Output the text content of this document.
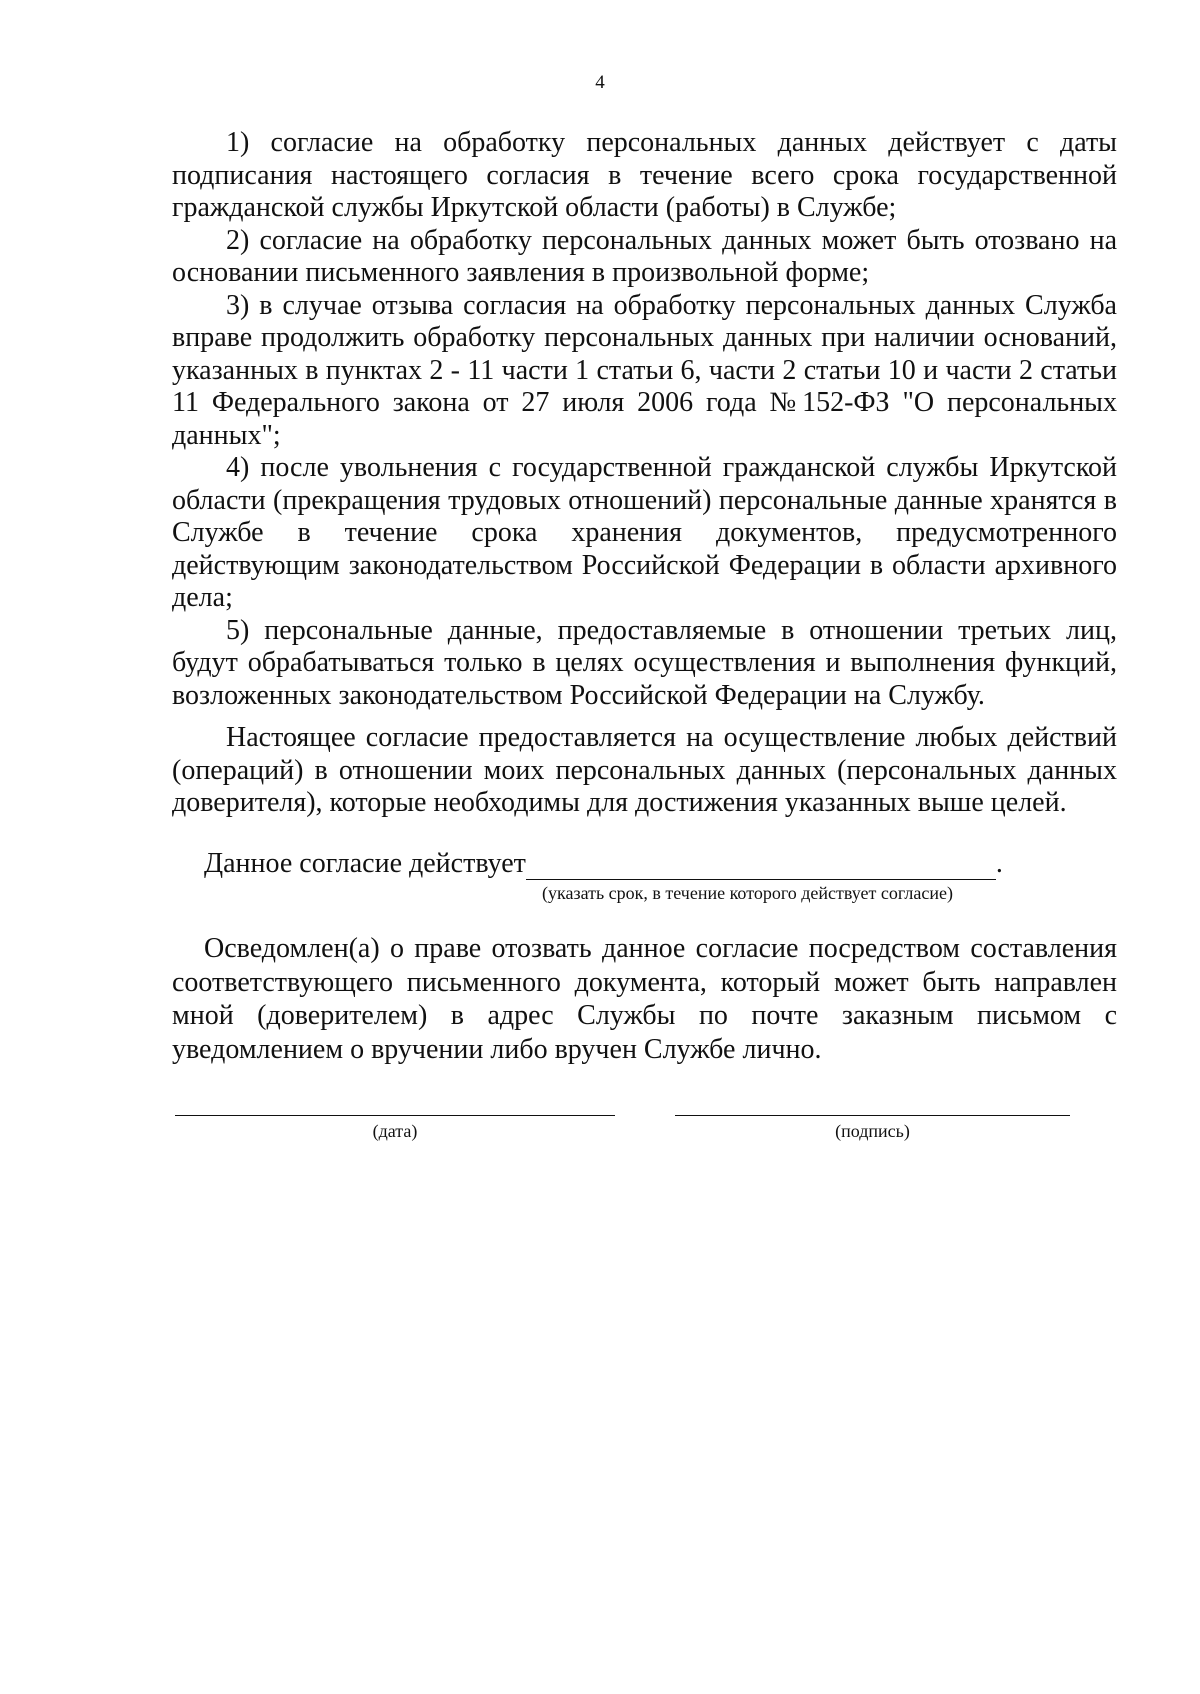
4

1) согласие на обработку персональных данных действует с даты подписания настоящего согласия в течение всего срока государственной гражданской службы Иркутской области (работы) в Службе;

2) согласие на обработку персональных данных может быть отозвано на основании письменного заявления в произвольной форме;

3) в случае отзыва согласия на обработку персональных данных Служба вправе продолжить обработку персональных данных при наличии оснований, указанных в пунктах 2 - 11 части 1 статьи 6, части 2 статьи 10 и части 2 статьи 11 Федерального закона от 27 июля 2006 года №152-ФЗ "О персональных данных";

4) после увольнения с государственной гражданской службы Иркутской области (прекращения трудовых отношений) персональные данные хранятся в Службе в течение срока хранения документов, предусмотренного действующим законодательством Российской Федерации в области архивного дела;

5) персональные данные, предоставляемые в отношении третьих лиц, будут обрабатываться только в целях осуществления и выполнения функций, возложенных законодательством Российской Федерации на Службу.

Настоящее согласие предоставляется на осуществление любых действий (операций) в отношении моих персональных данных (персональных данных доверителя), которые необходимы для достижения указанных выше целей.

Данное согласие действует	.
(указать срок, в течение которого действует согласие)

Осведомлен(а) о праве отозвать данное согласие посредством составления соответствующего письменного документа, который может быть направлен мной (доверителем) в адрес Службы по почте заказным письмом с уведомлением о вручении либо вручен Службе лично.

(дата)	(подпись)
